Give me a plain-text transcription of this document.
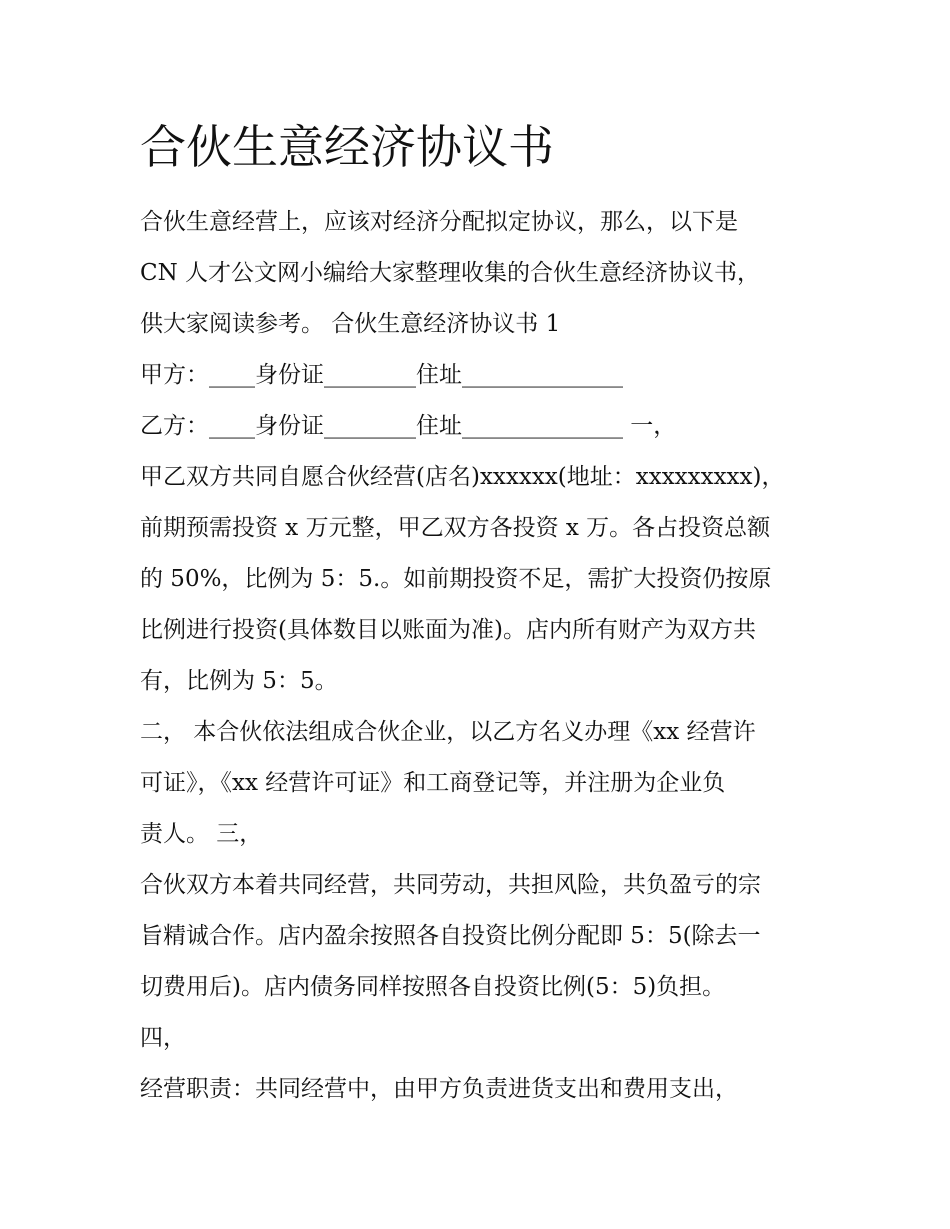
合伙生意经济协议书

合伙生意经营上，应该对经济分配拟定协议，那么，以下是

CN 人才公文网小编给大家整理收集的合伙生意经济协议书，

供大家阅读参考。 合伙生意经济协议书 1

甲方：____身份证________住址______________

乙方：____身份证________住址______________ 一，

甲乙双方共同自愿合伙经营(店名)xxxxxx(地址：xxxxxxxxx)，

前期预需投资 x 万元整，甲乙双方各投资 x 万。各占投资总额

的 50%，比例为 5：5.。如前期投资不足，需扩大投资仍按原

比例进行投资(具体数目以账面为准)。店内所有财产为双方共

有，比例为 5：5。

二， 本合伙依法组成合伙企业，以乙方名义办理《xx 经营许

可证》，《xx 经营许可证》和工商登记等，并注册为企业负

责人。 三，

合伙双方本着共同经营，共同劳动，共担风险，共负盈亏的宗

旨精诚合作。店内盈余按照各自投资比例分配即 5：5(除去一

切费用后)。店内债务同样按照各自投资比例(5：5)负担。

四，

经营职责：共同经营中，由甲方负责进货支出和费用支出，
